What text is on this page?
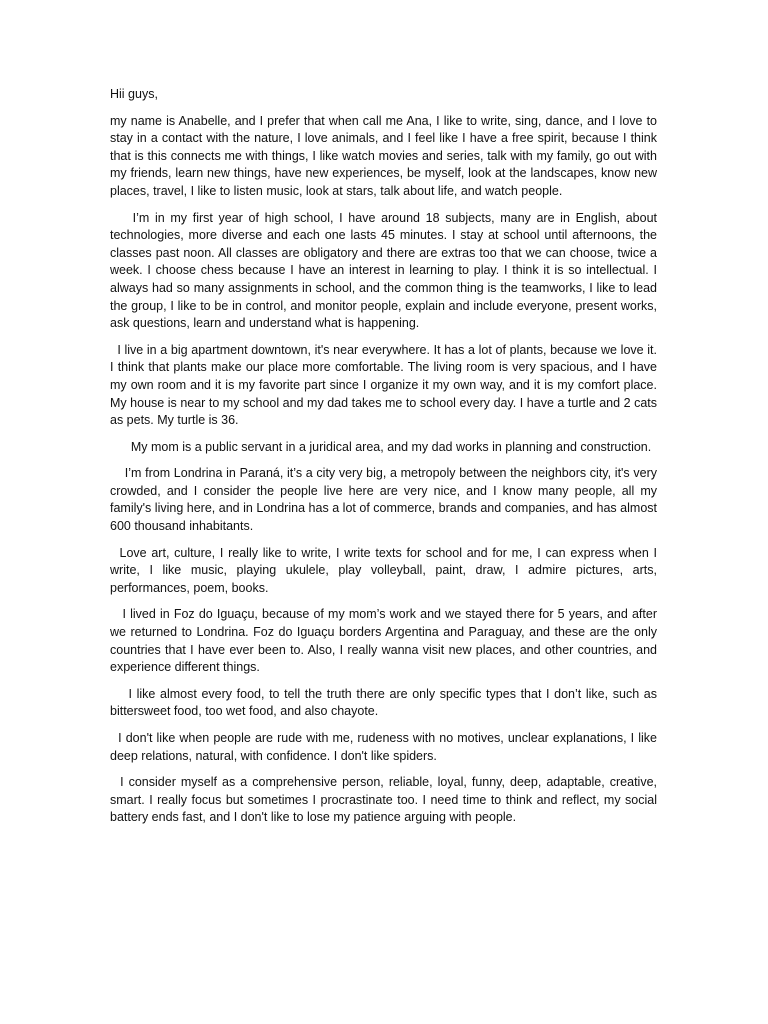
Hii guys,

my name is Anabelle, and I prefer that when call me Ana, I like to write, sing, dance, and I love to stay in a contact with the nature, I love animals, and I feel like I have a free spirit, because I think that is this connects me with things, I like watch movies and series, talk with my family, go out with my friends, learn new things, have new experiences, be myself, look at the landscapes, know new places, travel, I like to listen music, look at stars, talk about life, and watch people.

I’m in my first year of high school, I have around 18 subjects, many are in English, about technologies, more diverse and each one lasts 45 minutes. I stay at school until afternoons, the classes past noon. All classes are obligatory and there are extras too that we can choose, twice a week. I choose chess because I have an interest in learning to play. I think it is so intellectual. I always had so many assignments in school, and the common thing is the teamworks, I like to lead the group, I like to be in control, and monitor people, explain and include everyone, present works, ask questions, learn and understand what is happening.

I live in a big apartment downtown, it's near everywhere. It has a lot of plants, because we love it. I think that plants make our place more comfortable. The living room is very spacious, and I have my own room and it is my favorite part since I organize it my own way, and it is my comfort place. My house is near to my school and my dad takes me to school every day. I have a turtle and 2 cats as pets. My turtle is 36.

My mom is a public servant in a juridical area, and my dad works in planning and construction.

I’m from Londrina in Paraná, it’s a city very big, a metropoly between the neighbors city, it's very crowded, and I consider the people live here are very nice, and I know many people, all my family's living here, and in Londrina has a lot of commerce, brands and companies, and has almost 600 thousand inhabitants.

Love art, culture, I really like to write, I write texts for school and for me, I can express when I write, I like music, playing ukulele, play volleyball, paint, draw, I admire pictures, arts, performances, poem, books.

I lived in Foz do Iguaçu, because of my mom’s work and we stayed there for 5 years, and after we returned to Londrina. Foz do Iguaçu borders Argentina and Paraguay, and these are the only countries that I have ever been to. Also, I really wanna visit new places, and other countries, and experience different things.

I like almost every food, to tell the truth there are only specific types that I don’t like, such as bittersweet food, too wet food, and also chayote.

I don't like when people are rude with me, rudeness with no motives, unclear explanations, I like deep relations, natural, with confidence. I don't like spiders.

I consider myself as a comprehensive person, reliable, loyal, funny, deep, adaptable, creative, smart. I really focus but sometimes I procrastinate too. I need time to think and reflect, my social battery ends fast, and I don't like to lose my patience arguing with people.
